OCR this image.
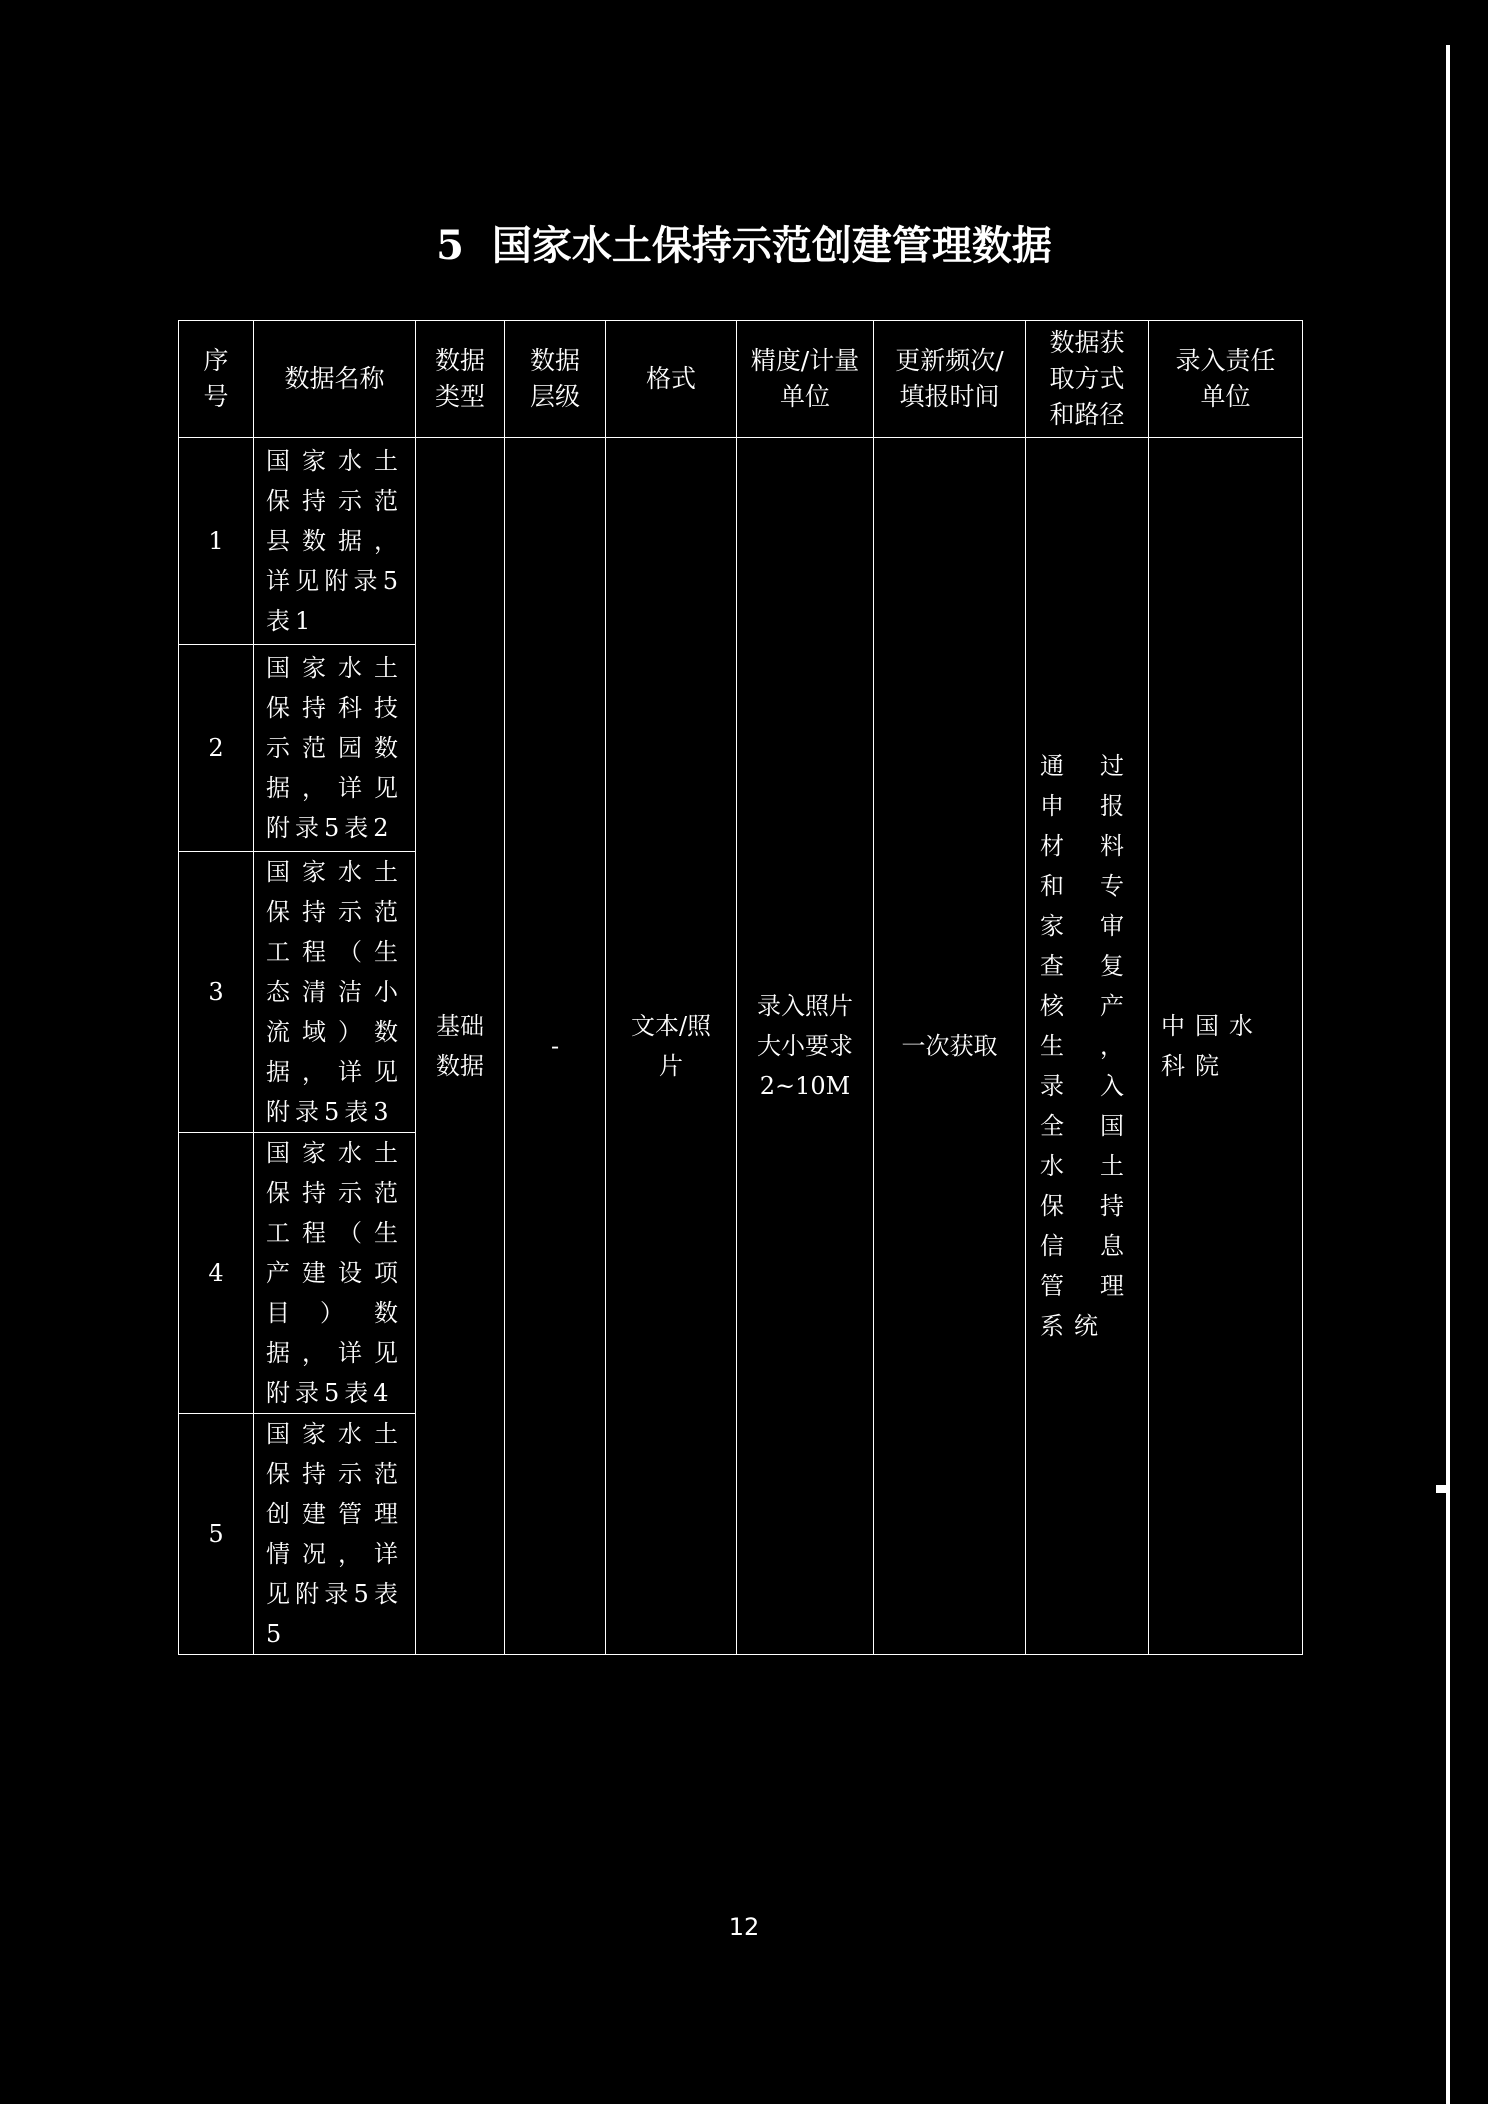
5 国家水土保持示范创建管理数据
序号	数据名称	数据类型	数据层级	格式	精度/计量单位	更新频次/填报时间	数据获取方式和路径	录入责任单位

1	国家水土保持示范县数据，详见附录5表1	基础数据	-	文本/照片	录入照片大小要求2~10M	一次获取	通过申报材料和专家审查复核产生，录入全国水土保持信息管理系统	中国水科院

2	国家水土保持科技示范园数据，详见附录5表2							
3	国家水土保持示范工程（生态清洁小流域）数据，详见附录5表3							
4	国家水土保持示范工程（生产建设项目）数据，详见附录5表4							
5	国家水土保持示范创建管理情况，详见附录5表5							
12
